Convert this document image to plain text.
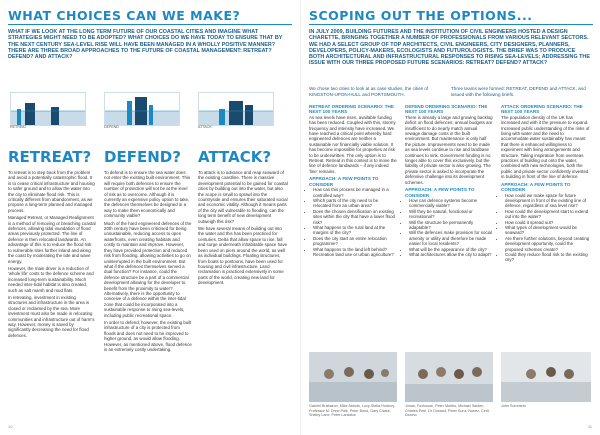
WHAT CHOICES CAN WE MAKE?
WHAT IF WE LOOK AT THE LONG TERM FUTURE OF OUR COASTAL CITIES AND IMAGINE WHAT STRATEGIES MIGHT NEED TO BE ADOPTED? WHAT CHOICES DO WE HAVE TODAY TO ENSURE THAT BY THE NEXT CENTURY SEA-LEVEL RISE WILL HAVE BEEN MANAGED IN A WHOLLY POSITIVE MANNER? THERE ARE THREE BROAD APPROACHES TO THE FUTURE OF COASTAL MANAGEMENT: RETREAT? DEFEND? AND ATTACK?
RETREAT	DEFEND	ATTACK
RETREAT? DEFEND? ATTACK?

To retreat is to step back from the problem and avoid a potentially catastrophic flood. It is to cease critical infrastructure and housing to safer ground and to allow the water into the city to eliminate flood risk. This is critically different from abandonment, as we propose a long-term planned and managed process.

Managed Retreat, or Managed Realignment is a method of removing or breaching coastal defences, allowing tidal inundation of flood areas previously protected. The line of defence is then relocated landwards. An advantage of this is to reduce the flood risk to vulnerable sites further inland and along the coast by moderating the tide and wave energy.

However, the main driver is a reduction of 'whole life' costs to the defence scheme and increased long-term sustainability. Much needed inter-tidal habitat is also created, such as salt marsh and mud flats.

In retreating, investment in existing structures and infrastructure in the area is closed or reclaimed by the sea. More investment must also be made in relocating communities and infrastructure out of harm's way. However, money is saved by significantly decreasing the need for flood defences.

To defend is to ensure the sea water does not enter the existing built environment. This will require both defences to ensure the number of protection will not be at the level of risk as to overcome. Although it is currently an expensive policy option to take, the defences themselves be designed in a way to make them economically and community viable?

Much of the hard engineered defences of the 20th century have been criticised for being unsustainable, reducing access to open waterfronts, even creating habitats and costly to maintain and improve. However, they have provided protection and reduced risk from flooding, allowing activities to go on uninterrupted in the built environment. But what if the defences themselves served a dual function? For instance, could the defence structure be a part of a commercial development allowing for the developer to benefit from the proximity to water? Alternatively, there is the opportunity to conceive of a defence within the inter-tidal zone that could be incorporated into a sustainable response to rising sea-levels, including public recreational space.

In order to defend, however, the existing built infrastructure of a city is protected from floods and does not need to be improved to higher ground, as would allow flooding. However, as mentioned above, flood defence is an extremely costly undertaking.

To attack is to advance and reap seaward of the existing coastline. There is massive development potential to be gained for coastal cities by building out into the water, but also the scope is small to sprawl into the countryside and ensures their saturated social and economic vitality. Although it means parts of the city will vulnerable to flooding, can the long term benefit of new development outweigh this risk?

We have several means of building out into the water and this has been practiced for centuries. Delta that allow space to rise, fall and surge underneath inhabitable space have been used on piers around the world, as well as individual buildings. Floating structures, from boats to pontoons, have been used for housing and civil infrastructure. Land reclamation is practiced extensively in some parts of the world, creating new land for development.

10
SCOPING OUT THE OPTIONS...
IN JULY 2009, BUILDING FUTURES AND THE INSTITUTION OF CIVIL ENGINEERS HOSTED A DESIGN CHARETTE, BRINGING TOGETHER A NUMBER OF PROFESSIONALS FROM VARIOUS RELEVANT SECTORS. WE HAD A SELECT GROUP OF TOP ARCHITECTS, CIVIL ENGINEERS, CITY DESIGNERS, PLANNERS, DEVELOPERS, POLICY-MAKERS, ECOLOGISTS AND FUTUROLOGISTS. THE BRIEF WAS TO PRODUCE BOTH ARCHITECTURAL AND INFRASTRUCTURAL RESPONSES TO RISING SEA-LEVELS; ADDRESSING THE ISSUE WITH OUR THREE PROPOSED FUTURE SCENARIOS: RETREAT? DEFEND? ATTACK?
We chose two cities to look at as case studies, the cities of KINGSTON-UPON-HULL and PORTSMOUTH.
Three teams were formed: RETREAT, DEFEND and ATTACK, and issued with the following briefs.
RETREAT ORDERING SCENARIO: THE NEXT 100 YEARS

As sea levels have risen, available funding has been reduced. Coupled with this, stormy frequency and intensity have increased. We have reached a critical point whereby hard engineered defences are neither a sustainable nor financially viable solution. It has become impossible for properties at risk to be underwritten. The only option is to Retreat. Retreat in this context is to move the line of defence landwards – if any indeed 'line' remains.

APPROACH: A FEW POINTS TO CONSIDER
• How can this process be managed in a controlled way?
• Which parts of the city need to be relocated from an urban area?
• Does the chosen densification on existing sites within the city that have a lower flood risk?
• What happens to the rural land at the margins of the city?
• Does the city start an entire relocation programme?
• What happens to the land left behind? Recreation land use or urban agriculture?
DEFEND ORDERING SCENARIO: THE NEXT 100 YEARS

There is already a large and growing backlog deficit on flood defences; annual budgets are insufficient to do nearly match annual sewage damage costs in the built environment. But maintenance is only half the picture. Improvements need to be made as sea levels continue to rise and landbase continues to sink. Government funding is no longer able to cover this exclusively, but the liability of private sector is also growing. The private sector is asked to incorporate the defensive challenge into its development schemes.

APPROACH: A FEW POINTS TO CONSIDER
• How can defence systems become commercially viable?
• Will they be natural, functional or recreational?
• Will the structure be permanently adaptable?
• Will the defences make provision for social amenity or utility and therefore be made easier for local residents?
• What will be the appearance of the city?
• What architectures allow the city to adapt?
ATTACK ORDERING SCENARIO: THE NEXT 100 YEARS

The population density of the UK has increased and with it the pressure to expand. Increased public understanding of the risks of living with water and the need to accommodate water sustainably has meant that there is enhanced willingness to experiment with living arrangements and structure. Taking inspiration from overseas practices of building out onto the water, combined with new technologies, both the public and private sector confidently invested in building in front of the line of defence.

APPROACH: A FEW POINTS TO CONSIDER
• How could we make space for future development in front of the existing line of defence, regardless of sea level rise?
• How could the development start to extend out into the water?
• How could it spread out?
• What types of development would be seaward?
• Are there further solutions, beyond creating development opportunity, could the proposed schemes create?
• Could they reduce flood risk to the existing city?
Gabriel Brabazon, Mike Abbots, Lucy-Stella Horbury, Professor M. Drew Palk, Peter Bond, Gary Clarke, Shelby Lane, Peter Laradius
Jonas, Foxhouse, Peter Mobbs, Michael Salden, Charles Peel, Dr Dunand, Peter Kunz, Nunez, Cerit Danino
John Summers
11
